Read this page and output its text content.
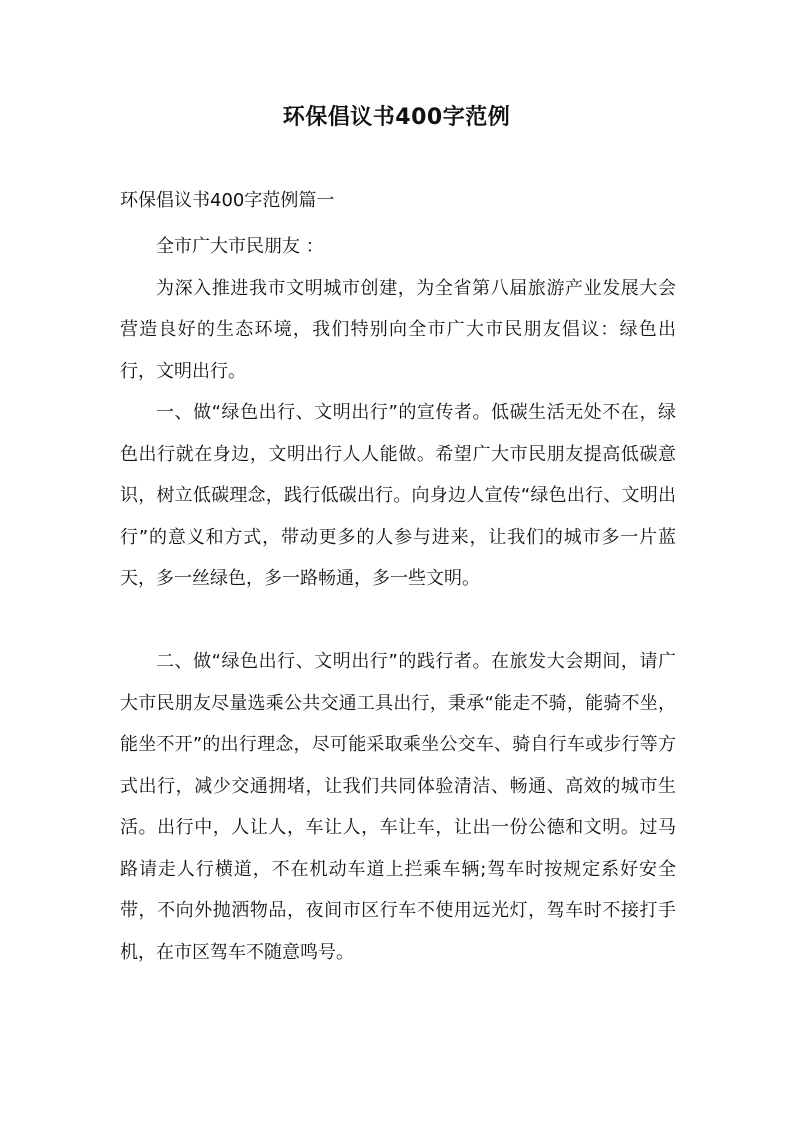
环保倡议书400字范例
环保倡议书400字范例篇一

全市广大市民朋友 ：

为深入推进我市文明城市创建，为全省第八届旅游产业发展大会营造良好的生态环境，我们特别向全市广大市民朋友倡议：绿色出行，文明出行。

一、做“绿色出行、文明出行”的宣传者。低碳生活无处不在，绿色出行就在身边，文明出行人人能做。希望广大市民朋友提高低碳意识，树立低碳理念，践行低碳出行。向身边人宣传“绿色出行、文明出行”的意义和方式，带动更多的人参与进来，让我们的城市多一片蓝天，多一丝绿色，多一路畅通，多一些文明。

二、做“绿色出行、文明出行”的践行者。在旅发大会期间，请广大市民朋友尽量选乘公共交通工具出行，秉承“能走不骑，能骑不坐，能坐不开”的出行理念，尽可能采取乘坐公交车、骑自行车或步行等方式出行，减少交通拥堵，让我们共同体验清洁、畅通、高效的城市生活。出行中，人让人，车让人，车让车，让出一份公德和文明。过马路请走人行横道，不在机动车道上拦乘车辆;驾车时按规定系好安全带，不向外抛洒物品，夜间市区行车不使用远光灯，驾车时不接打手机，在市区驾车不随意鸣号。
